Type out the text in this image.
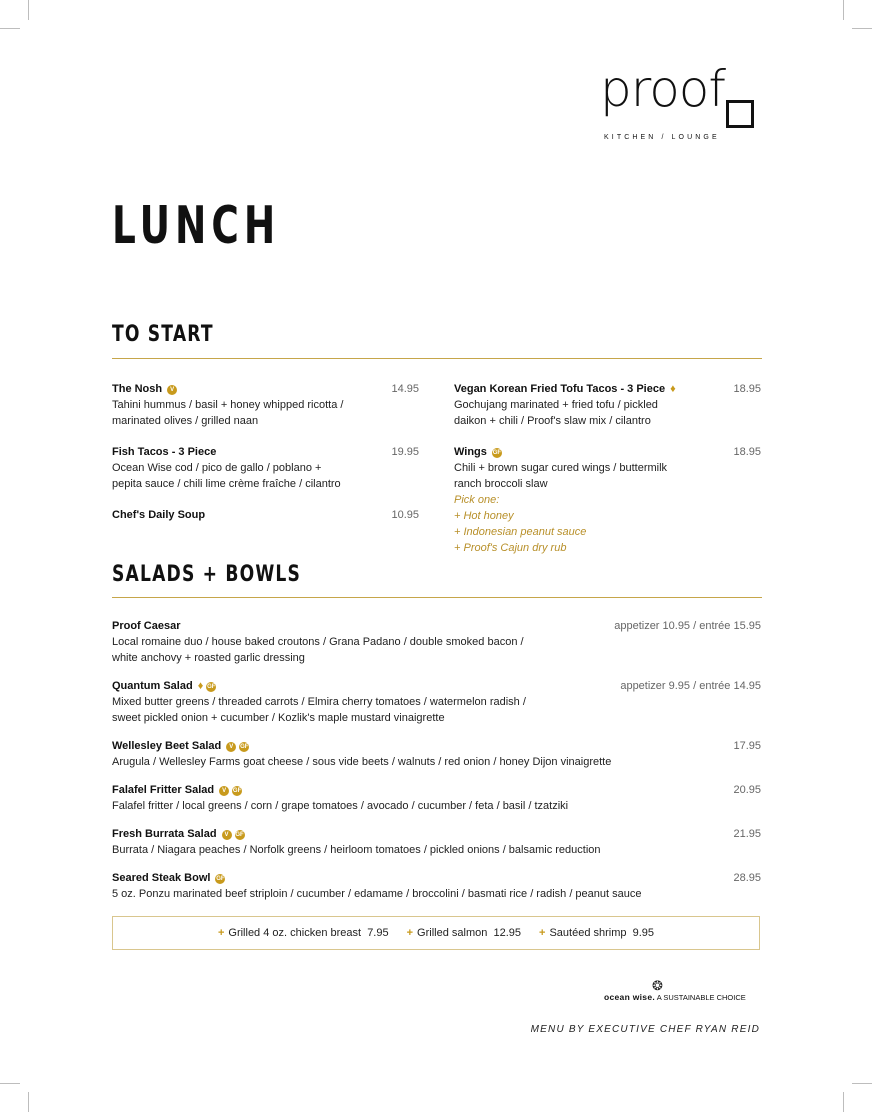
proof
KITCHEN / LOUNGE
LUNCH
TO START
The Nosh V	14.95
Tahini hummus / basil + honey whipped ricotta /
marinated olives / grilled naan
Fish Tacos - 3 Piece	19.95
Ocean Wise cod / pico de gallo / poblano +
pepita sauce / chili lime crème fraîche / cilantro
Chef's Daily Soup	10.95
Vegan Korean Fried Tofu Tacos - 3 Piece ♦	18.95
Gochujang marinated + fried tofu / pickled
daikon + chili / Proof's slaw mix / cilantro
Wings GF	18.95
Chili + brown sugar cured wings / buttermilk
ranch broccoli slaw
Pick one:
+ Hot honey
+ Indonesian peanut sauce
+ Proof's Cajun dry rub
SALADS + BOWLS
Proof Caesar	appetizer 10.95 / entrée 15.95
Local romaine duo / house baked croutons / Grana Padano / double smoked bacon /
white anchovy + roasted garlic dressing
Quantum Salad ♦ GF	appetizer 9.95 / entrée 14.95
Mixed butter greens / threaded carrots / Elmira cherry tomatoes / watermelon radish /
sweet pickled onion + cucumber / Kozlik's maple mustard vinaigrette
Wellesley Beet Salad V GF	17.95
Arugula / Wellesley Farms goat cheese / sous vide beets / walnuts / red onion / honey Dijon vinaigrette
Falafel Fritter Salad V GF	20.95
Falafel fritter / local greens / corn / grape tomatoes / avocado / cucumber / feta / basil / tzatziki
Fresh Burrata Salad V GF	21.95
Burrata / Niagara peaches / Norfolk greens / heirloom tomatoes / pickled onions / balsamic reduction
Seared Steak Bowl GF	28.95
5 oz. Ponzu marinated beef striploin / cucumber / edamame / broccolini / basmati rice / radish / peanut sauce
+ Grilled 4 oz. chicken breast 7.95 + Grilled salmon 12.95 + Sautéed shrimp 9.95
❂
ocean wise. A SUSTAINABLE CHOICE
MENU BY EXECUTIVE CHEF RYAN REID
